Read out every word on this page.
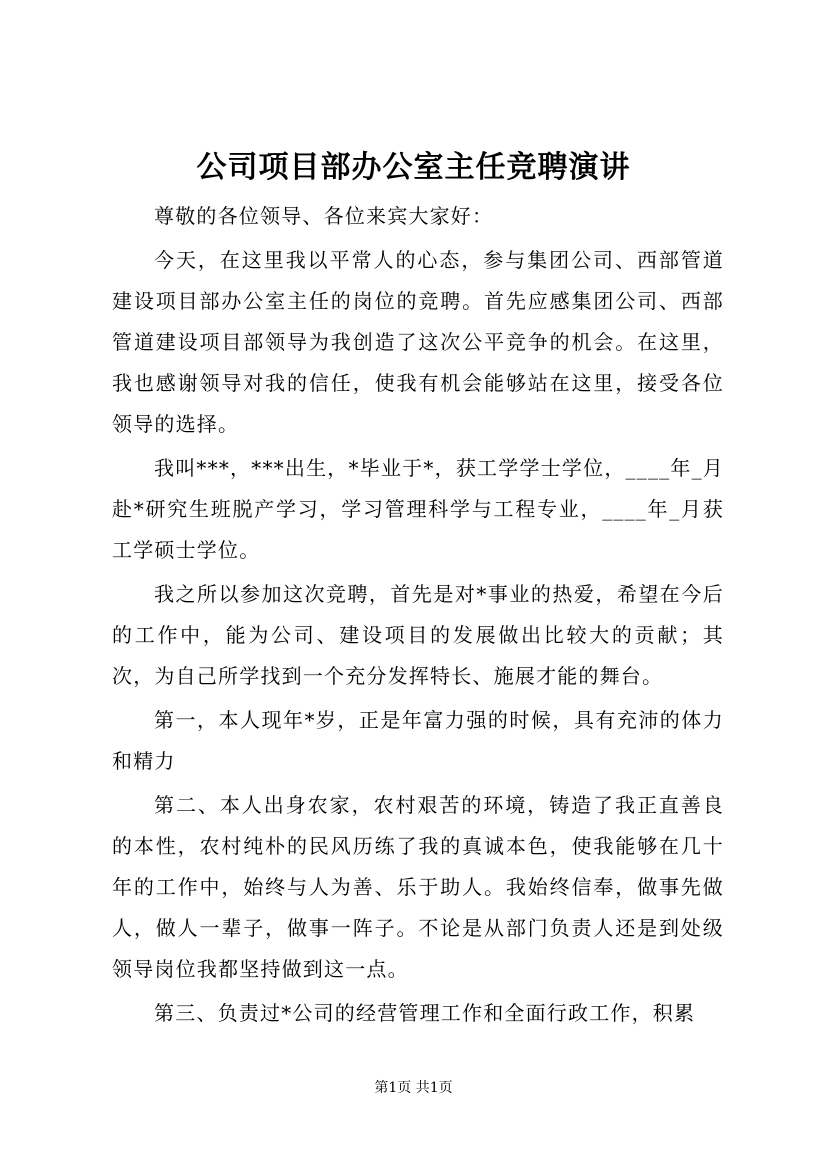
公司项目部办公室主任竞聘演讲

尊敬的各位领导、各位来宾大家好：

今天，在这里我以平常人的心态，参与集团公司、西部管道建设项目部办公室主任的岗位的竞聘。首先应感集团公司、西部管道建设项目部领导为我创造了这次公平竞争的机会。在这里，我也感谢领导对我的信任，使我有机会能够站在这里，接受各位领导的选择。

我叫***，***出生，*毕业于*，获工学学士学位，____年_月赴*研究生班脱产学习，学习管理科学与工程专业，____年_月获工学硕士学位。

我之所以参加这次竞聘，首先是对*事业的热爱，希望在今后的工作中，能为公司、建设项目的发展做出比较大的贡献；其次，为自己所学找到一个充分发挥特长、施展才能的舞台。

第一，本人现年*岁，正是年富力强的时候，具有充沛的体力和精力

第二、本人出身农家，农村艰苦的环境，铸造了我正直善良的本性，农村纯朴的民风历练了我的真诚本色，使我能够在几十年的工作中，始终与人为善、乐于助人。我始终信奉，做事先做人，做人一辈子，做事一阵子。不论是从部门负责人还是到处级领导岗位我都坚持做到这一点。

第三、负责过*公司的经营管理工作和全面行政工作，积累

第1页 共1页
